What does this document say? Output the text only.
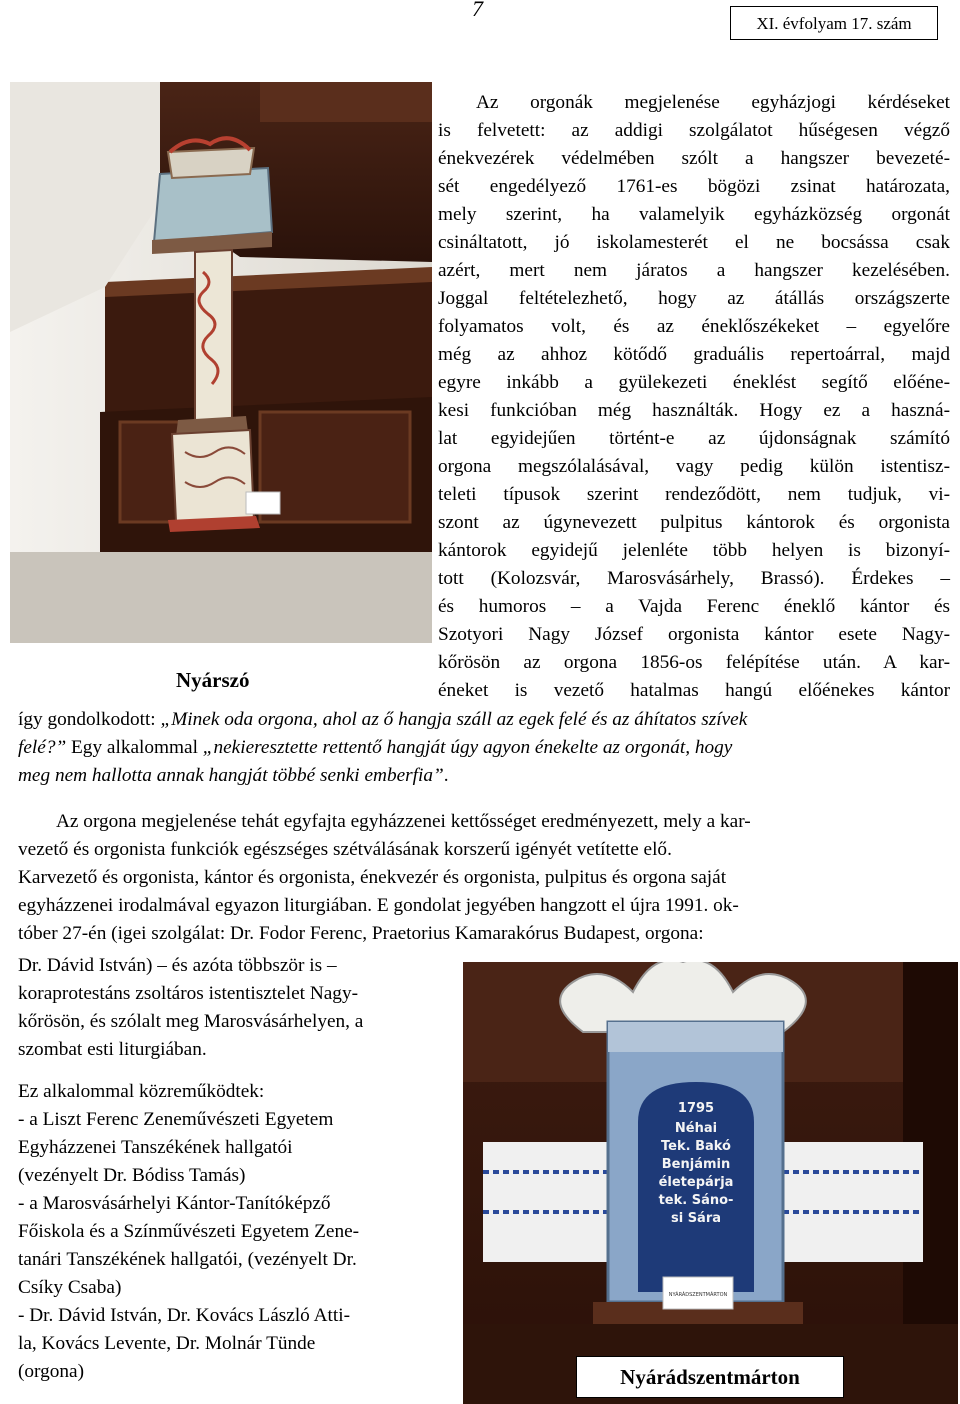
7
XI. évfolyam 17. szám
Nyárszó
Az orgonák megjelenése egyházjogi kérdéseket
is felvetett: az addigi szolgálatot hűségesen végző
énekvezérek védelmében szólt a hangszer bevezeté-
sét engedélyező 1761-es bögözi zsinat határozata,
mely szerint, ha valamelyik egyházközség orgonát
csináltatott, jó iskolamesterét el ne bocsássa csak
azért, mert nem járatos a hangszer kezelésében.
Joggal feltételezhető, hogy az átállás országszerte
folyamatos volt, és az éneklőszékeket – egyelőre
még az ahhoz kötődő graduális repertoárral, majd
egyre inkább a gyülekezeti éneklést segítő előéne-
kesi funkcióban még használták. Hogy ez a haszná-
lat egyidejűen történt-e az újdonságnak számító
orgona megszólalásával, vagy pedig külön istentisz-
teleti típusok szerint rendeződött, nem tudjuk, vi-
szont az úgynevezett pulpitus kántorok és orgonista
kántorok egyidejű jelenléte több helyen is bizonyí-
tott (Kolozsvár, Marosvásárhely, Brassó). Érdekes –
és humoros – a Vajda Ferenc éneklő kántor és
Szotyori Nagy József orgonista kántor esete Nagy-
kőrösön az orgona 1856-os felépítése után. A kar-
éneket is vezető hatalmas hangú előénekes kántor
így gondolkodott: „Minek oda orgona, ahol az ő hangja száll az egek felé és az áhítatos szívek
felé?” Egy alkalommal „nekieresztette rettentő hangját úgy agyon énekelte az orgonát, hogy
meg nem hallotta annak hangját többé senki emberfia”.
Az orgona megjelenése tehát egyfajta egyházzenei kettősséget eredményezett, mely a kar-
vezető és orgonista funkciók egészséges szétválásának korszerű igényét vetítette elő.
Karvezető és orgonista, kántor és orgonista, énekvezér és orgonista, pulpitus és orgona saját
egyházzenei irodalmával egyazon liturgiában. E gondolat jegyében hangzott el újra 1991. ok-
tóber 27-én (igei szolgálat: Dr. Fodor Ferenc, Praetorius Kamarakórus Budapest, orgona:
Dr. Dávid István) – és azóta többször is –
koraprotestáns zsoltáros istentisztelet Nagy-
kőrösön, és szólalt meg Marosvásárhelyen, a
szombat esti liturgiában.
Ez alkalommal közreműködtek:
- a Liszt Ferenc Zeneművészeti Egyetem
Egyházzenei Tanszékének hallgatói
(vezényelt Dr. Bódiss Tamás)
- a Marosvásárhelyi Kántor-Tanítóképző
Főiskola és a Színművészeti Egyetem Zene-
tanári Tanszékének hallgatói, (vezényelt Dr.
Csíky Csaba)
- Dr. Dávid István, Dr. Kovács László Atti-
la, Kovács Levente, Dr. Molnár Tünde
(orgona)
1795
Néhai
Tek. Bakó
Benjámin
életepárja
tek. Sáno-
si Sára
NYÁRÁDSZENTMÁRTON
Nyárádszentmárton
